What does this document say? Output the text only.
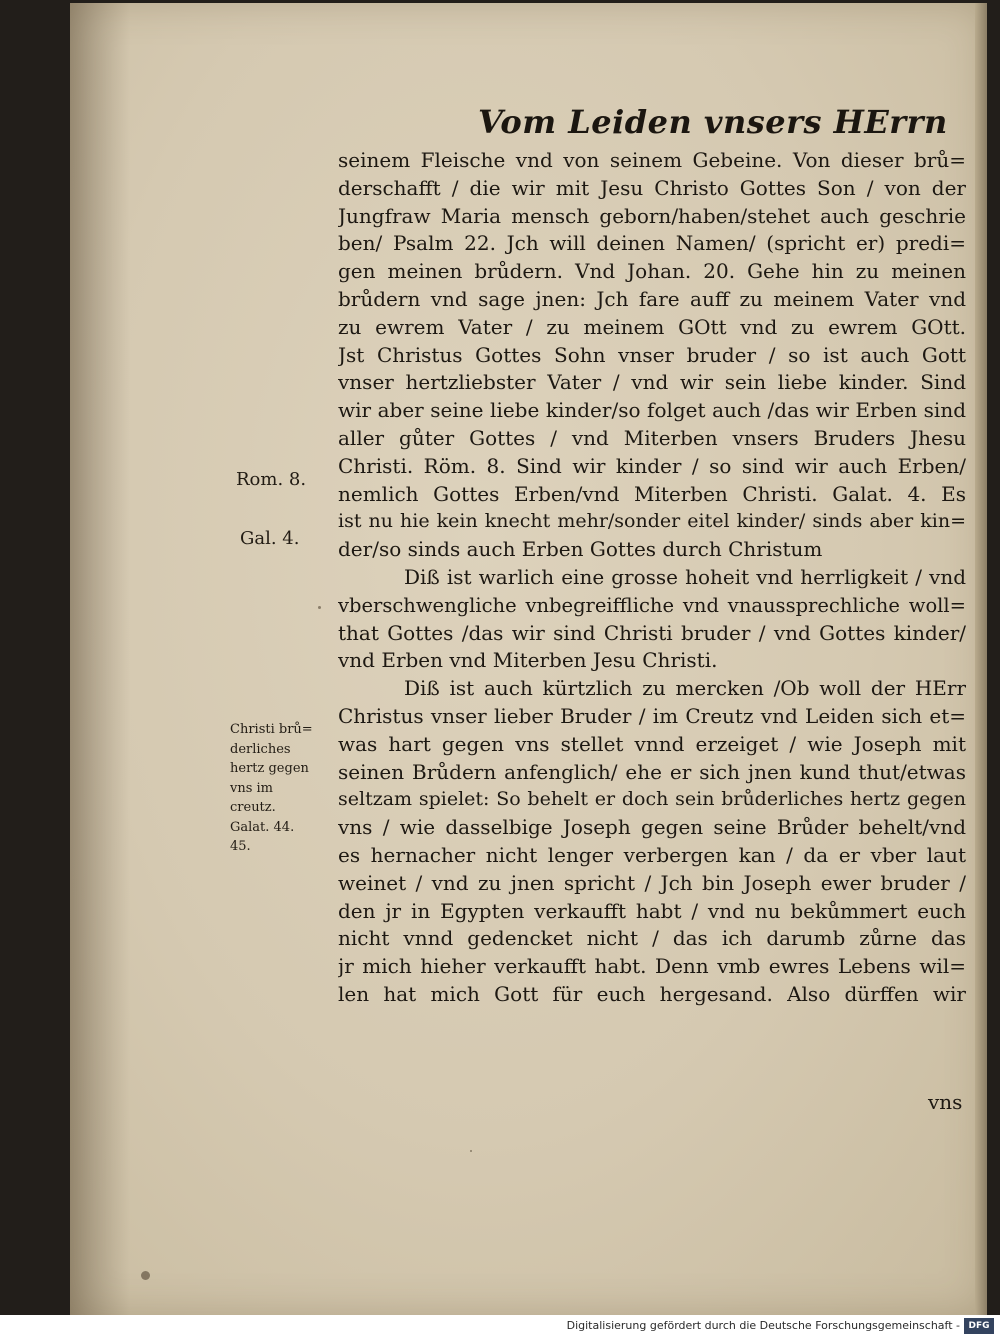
Vom Leiden vnsers HErrn
seinem Fleische vnd von seinem Gebeine. Von dieser brů=
derschafft / die wir mit Jesu Christo Gottes Son / von der
Jungfraw Maria mensch geborn/haben/stehet auch geschrie
ben/ Psalm 22. Jch will deinen Namen/ (spricht er) predi=
gen meinen brůdern. Vnd Johan. 20. Gehe hin zu meinen
brůdern vnd sage jnen: Jch fare auff zu meinem Vater vnd
zu ewrem Vater / zu meinem GOtt vnd zu ewrem GOtt.
Jst Christus Gottes Sohn vnser bruder / so ist auch Gott
vnser hertzliebster Vater / vnd wir sein liebe kinder. Sind
wir aber seine liebe kinder/so folget auch /das wir Erben sind
aller gůter Gottes / vnd Miterben vnsers Bruders Jhesu
Christi. Röm. 8. Sind wir kinder / so sind wir auch Erben/
nemlich Gottes Erben/vnd Miterben Christi. Galat. 4. Es
ist nu hie kein knecht mehr/sonder eitel kinder/ sinds aber kin=
der/so sinds auch Erben Gottes durch Christum
Diß ist warlich eine grosse hoheit vnd herrligkeit / vnd
vberschwengliche vnbegreiffliche vnd vnaussprechliche woll=
that Gottes /das wir sind Christi bruder / vnd Gottes kinder/
vnd Erben vnd Miterben Jesu Christi.
Diß ist auch kürtzlich zu mercken /Ob woll der HErr
Christus vnser lieber Bruder / im Creutz vnd Leiden sich et=
was hart gegen vns stellet vnnd erzeiget / wie Joseph mit
seinen Brůdern anfenglich/ ehe er sich jnen kund thut/etwas
seltzam spielet: So behelt er doch sein brůderliches hertz gegen
vns / wie dasselbige Joseph gegen seine Brůder behelt/vnd
es hernacher nicht lenger verbergen kan / da er vber laut
weinet / vnd zu jnen spricht / Jch bin Joseph ewer bruder /
den jr in Egypten verkaufft habt / vnd nu bekůmmert euch
nicht vnnd gedencket nicht / das ich darumb zůrne das
jr mich hieher verkaufft habt. Denn vmb ewres Lebens wil=
len hat mich Gott für euch hergesand. Also dürffen wir

Rom. 8.

Gal. 4.

Christi brů=
derliches
hertz gegen
vns im
creutz.
Galat. 44.
45.

vns

Digitalisierung gefördert durch die Deutsche Forschungsgemeinschaft - DFG
